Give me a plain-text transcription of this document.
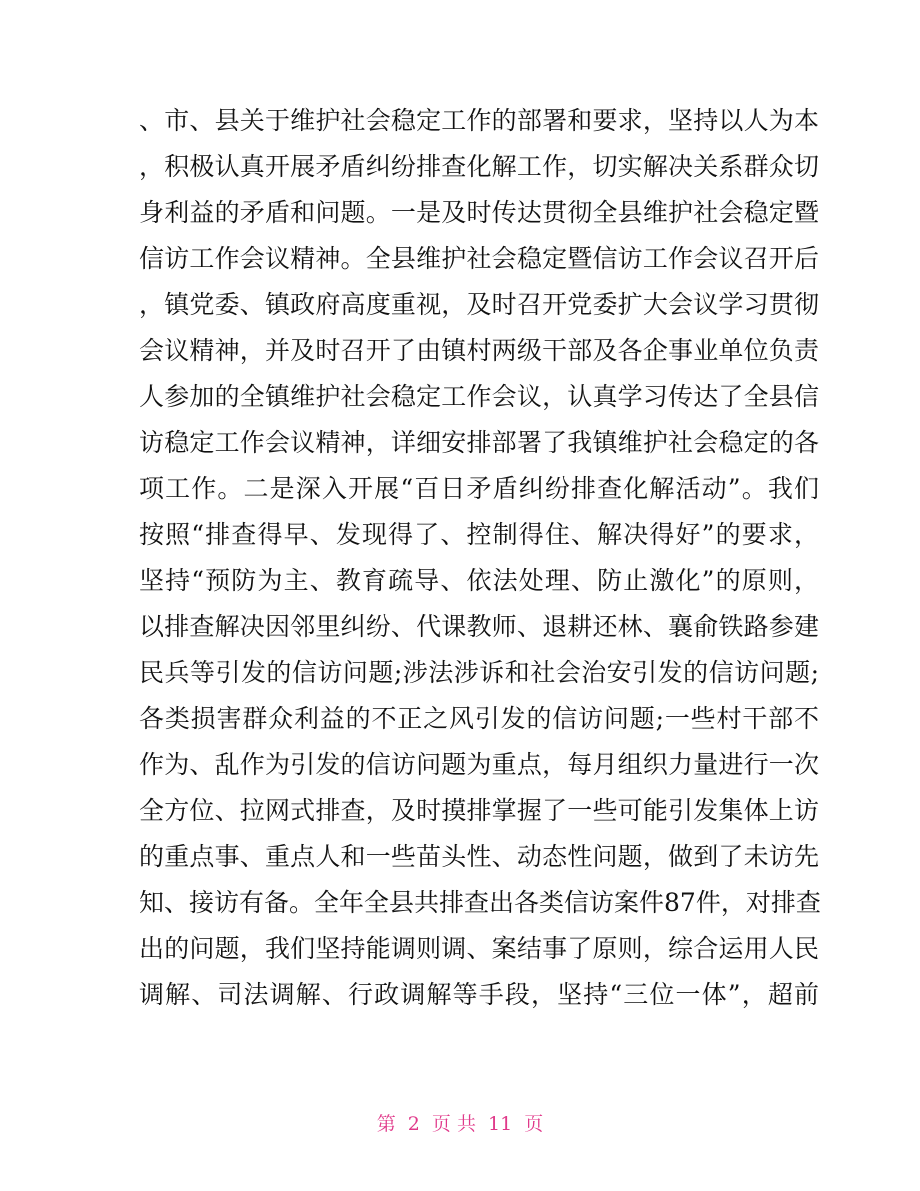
、市、县关于维护社会稳定工作的部署和要求，坚持以人为本
，积极认真开展矛盾纠纷排查化解工作，切实解决关系群众切
身利益的矛盾和问题。一是及时传达贯彻全县维护社会稳定暨
信访工作会议精神。全县维护社会稳定暨信访工作会议召开后
，镇党委、镇政府高度重视，及时召开党委扩大会议学习贯彻
会议精神，并及时召开了由镇村两级干部及各企事业单位负责
人参加的全镇维护社会稳定工作会议，认真学习传达了全县信
访稳定工作会议精神，详细安排部署了我镇维护社会稳定的各
项工作。二是深入开展“百日矛盾纠纷排查化解活动”。我们
按照“排查得早、发现得了、控制得住、解决得好”的要求，
坚持“预防为主、教育疏导、依法处理、防止激化”的原则，
以排查解决因邻里纠纷、代课教师、退耕还林、襄俞铁路参建
民兵等引发的信访问题;涉法涉诉和社会治安引发的信访问题;
各类损害群众利益的不正之风引发的信访问题;一些村干部不
作为、乱作为引发的信访问题为重点，每月组织力量进行一次
全方位、拉网式排查，及时摸排掌握了一些可能引发集体上访
的重点事、重点人和一些苗头性、动态性问题，做到了未访先
知、接访有备。全年全县共排查出各类信访案件87件，对排查
出的问题，我们坚持能调则调、案结事了原则，综合运用人民
调解、司法调解、行政调解等手段，坚持“三位一体”，超前
第 2 页 共 11 页
